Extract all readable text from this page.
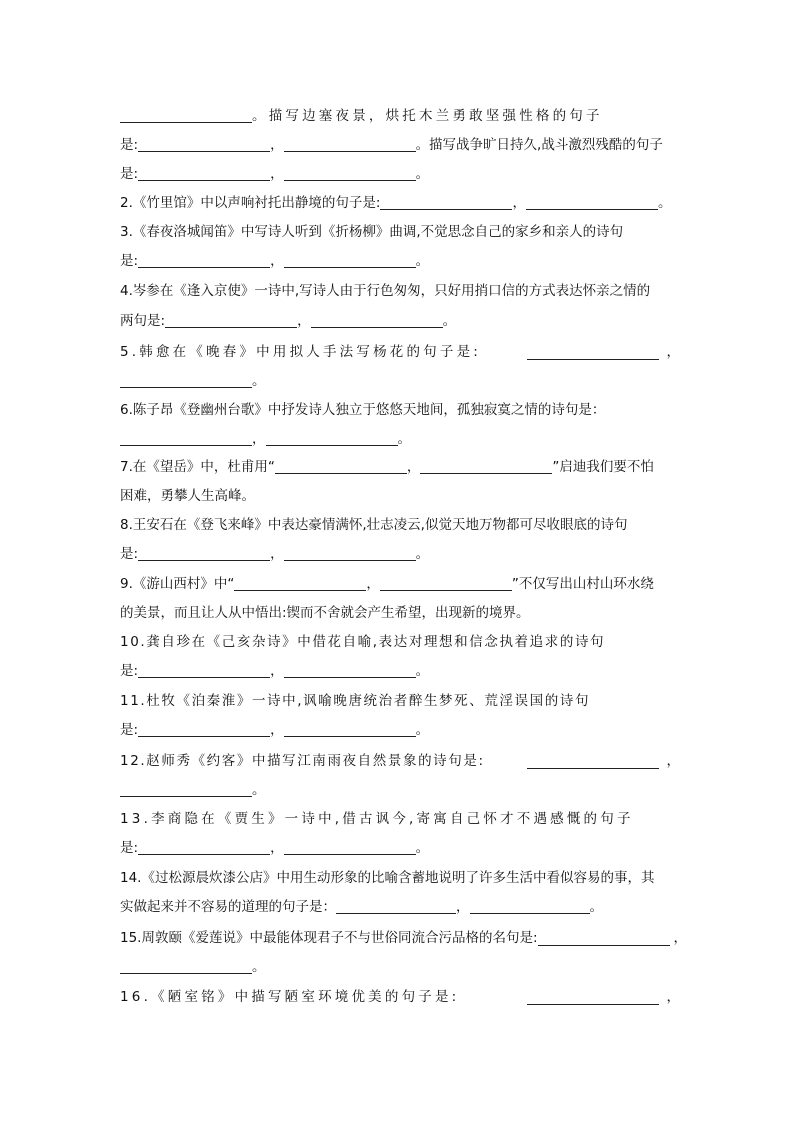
。描写边塞夜景，烘托木兰勇敢坚强性格的句子
是:	，	。描写战争旷日持久,战斗激烈残酷的句子
是:	，	。
2.《竹里馆》中以声响衬托出静境的句子是:	，	。
3.《春夜洛城闻笛》中写诗人听到《折杨柳》曲调,不觉思念自己的家乡和亲人的诗句
是:	，	。
4.岑参在《逢入京使》一诗中,写诗人由于行色匆匆，只好用捎口信的方式表达怀亲之情的
两句是:	，	。
5.韩愈在《晚春》中用拟人手法写杨花的句子是:	，
。
6.陈子昂《登幽州台歌》中抒发诗人独立于悠悠天地间，孤独寂寞之情的诗句是：
，	。
7.在《望岳》中，杜甫用“	，	”启迪我们要不怕
困难，勇攀人生高峰。
8.王安石在《登飞来峰》中表达豪情满怀,壮志凌云,似觉天地万物都可尽收眼底的诗句
是:	，	。
9.《游山西村》中“	，	”不仅写出山村山环水绕
的美景，而且让人从中悟出:锲而不舍就会产生希望，出现新的境界。
10.龚自珍在《己亥杂诗》中借花自喻,表达对理想和信念执着追求的诗句
是:	，	。
11.杜牧《泊秦淮》一诗中,讽喻晚唐统治者醉生梦死、荒淫误国的诗句
是:	，	。
12.赵师秀《约客》中描写江南雨夜自然景象的诗句是:	，
。
13.李商隐在《贾生》一诗中,借古讽今,寄寓自己怀才不遇感慨的句子
是:	，	。
14.《过松源晨炊漆公店》中用生动形象的比喻含蓄地说明了许多生活中看似容易的事，其
实做起来并不容易的道理的句子是：	，	。
15.周敦颐《爱莲说》中最能体现君子不与世俗同流合污品格的名句是:	，
。
16.《陋室铭》中描写陋室环境优美的句子是:	，
